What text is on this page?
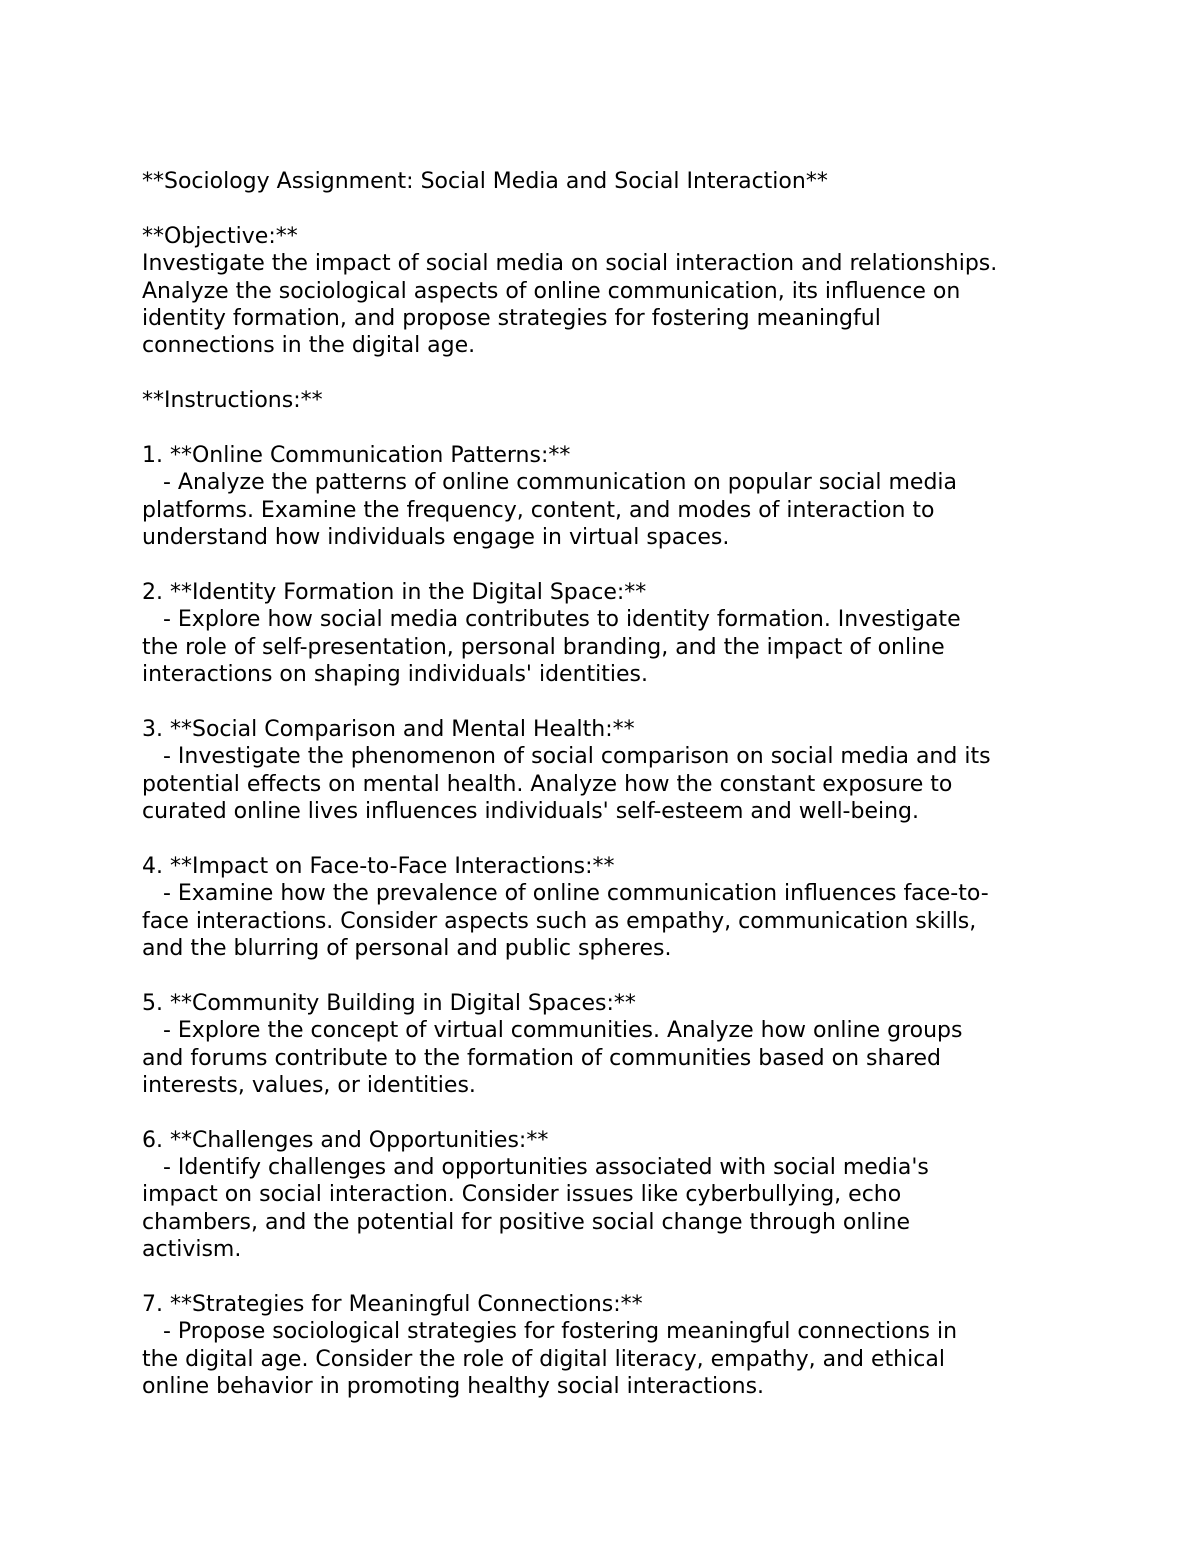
**Sociology Assignment: Social Media and Social Interaction**
**Objective:**
Investigate the impact of social media on social interaction and relationships.
Analyze the sociological aspects of online communication, its influence on
identity formation, and propose strategies for fostering meaningful
connections in the digital age.
**Instructions:**
1. **Online Communication Patterns:**
- Analyze the patterns of online communication on popular social media
platforms. Examine the frequency, content, and modes of interaction to
understand how individuals engage in virtual spaces.
2. **Identity Formation in the Digital Space:**
- Explore how social media contributes to identity formation. Investigate
the role of self-presentation, personal branding, and the impact of online
interactions on shaping individuals' identities.
3. **Social Comparison and Mental Health:**
- Investigate the phenomenon of social comparison on social media and its
potential effects on mental health. Analyze how the constant exposure to
curated online lives influences individuals' self-esteem and well-being.
4. **Impact on Face-to-Face Interactions:**
- Examine how the prevalence of online communication influences face-to-
face interactions. Consider aspects such as empathy, communication skills,
and the blurring of personal and public spheres.
5. **Community Building in Digital Spaces:**
- Explore the concept of virtual communities. Analyze how online groups
and forums contribute to the formation of communities based on shared
interests, values, or identities.
6. **Challenges and Opportunities:**
- Identify challenges and opportunities associated with social media's
impact on social interaction. Consider issues like cyberbullying, echo
chambers, and the potential for positive social change through online
activism.
7. **Strategies for Meaningful Connections:**
- Propose sociological strategies for fostering meaningful connections in
the digital age. Consider the role of digital literacy, empathy, and ethical
online behavior in promoting healthy social interactions.
